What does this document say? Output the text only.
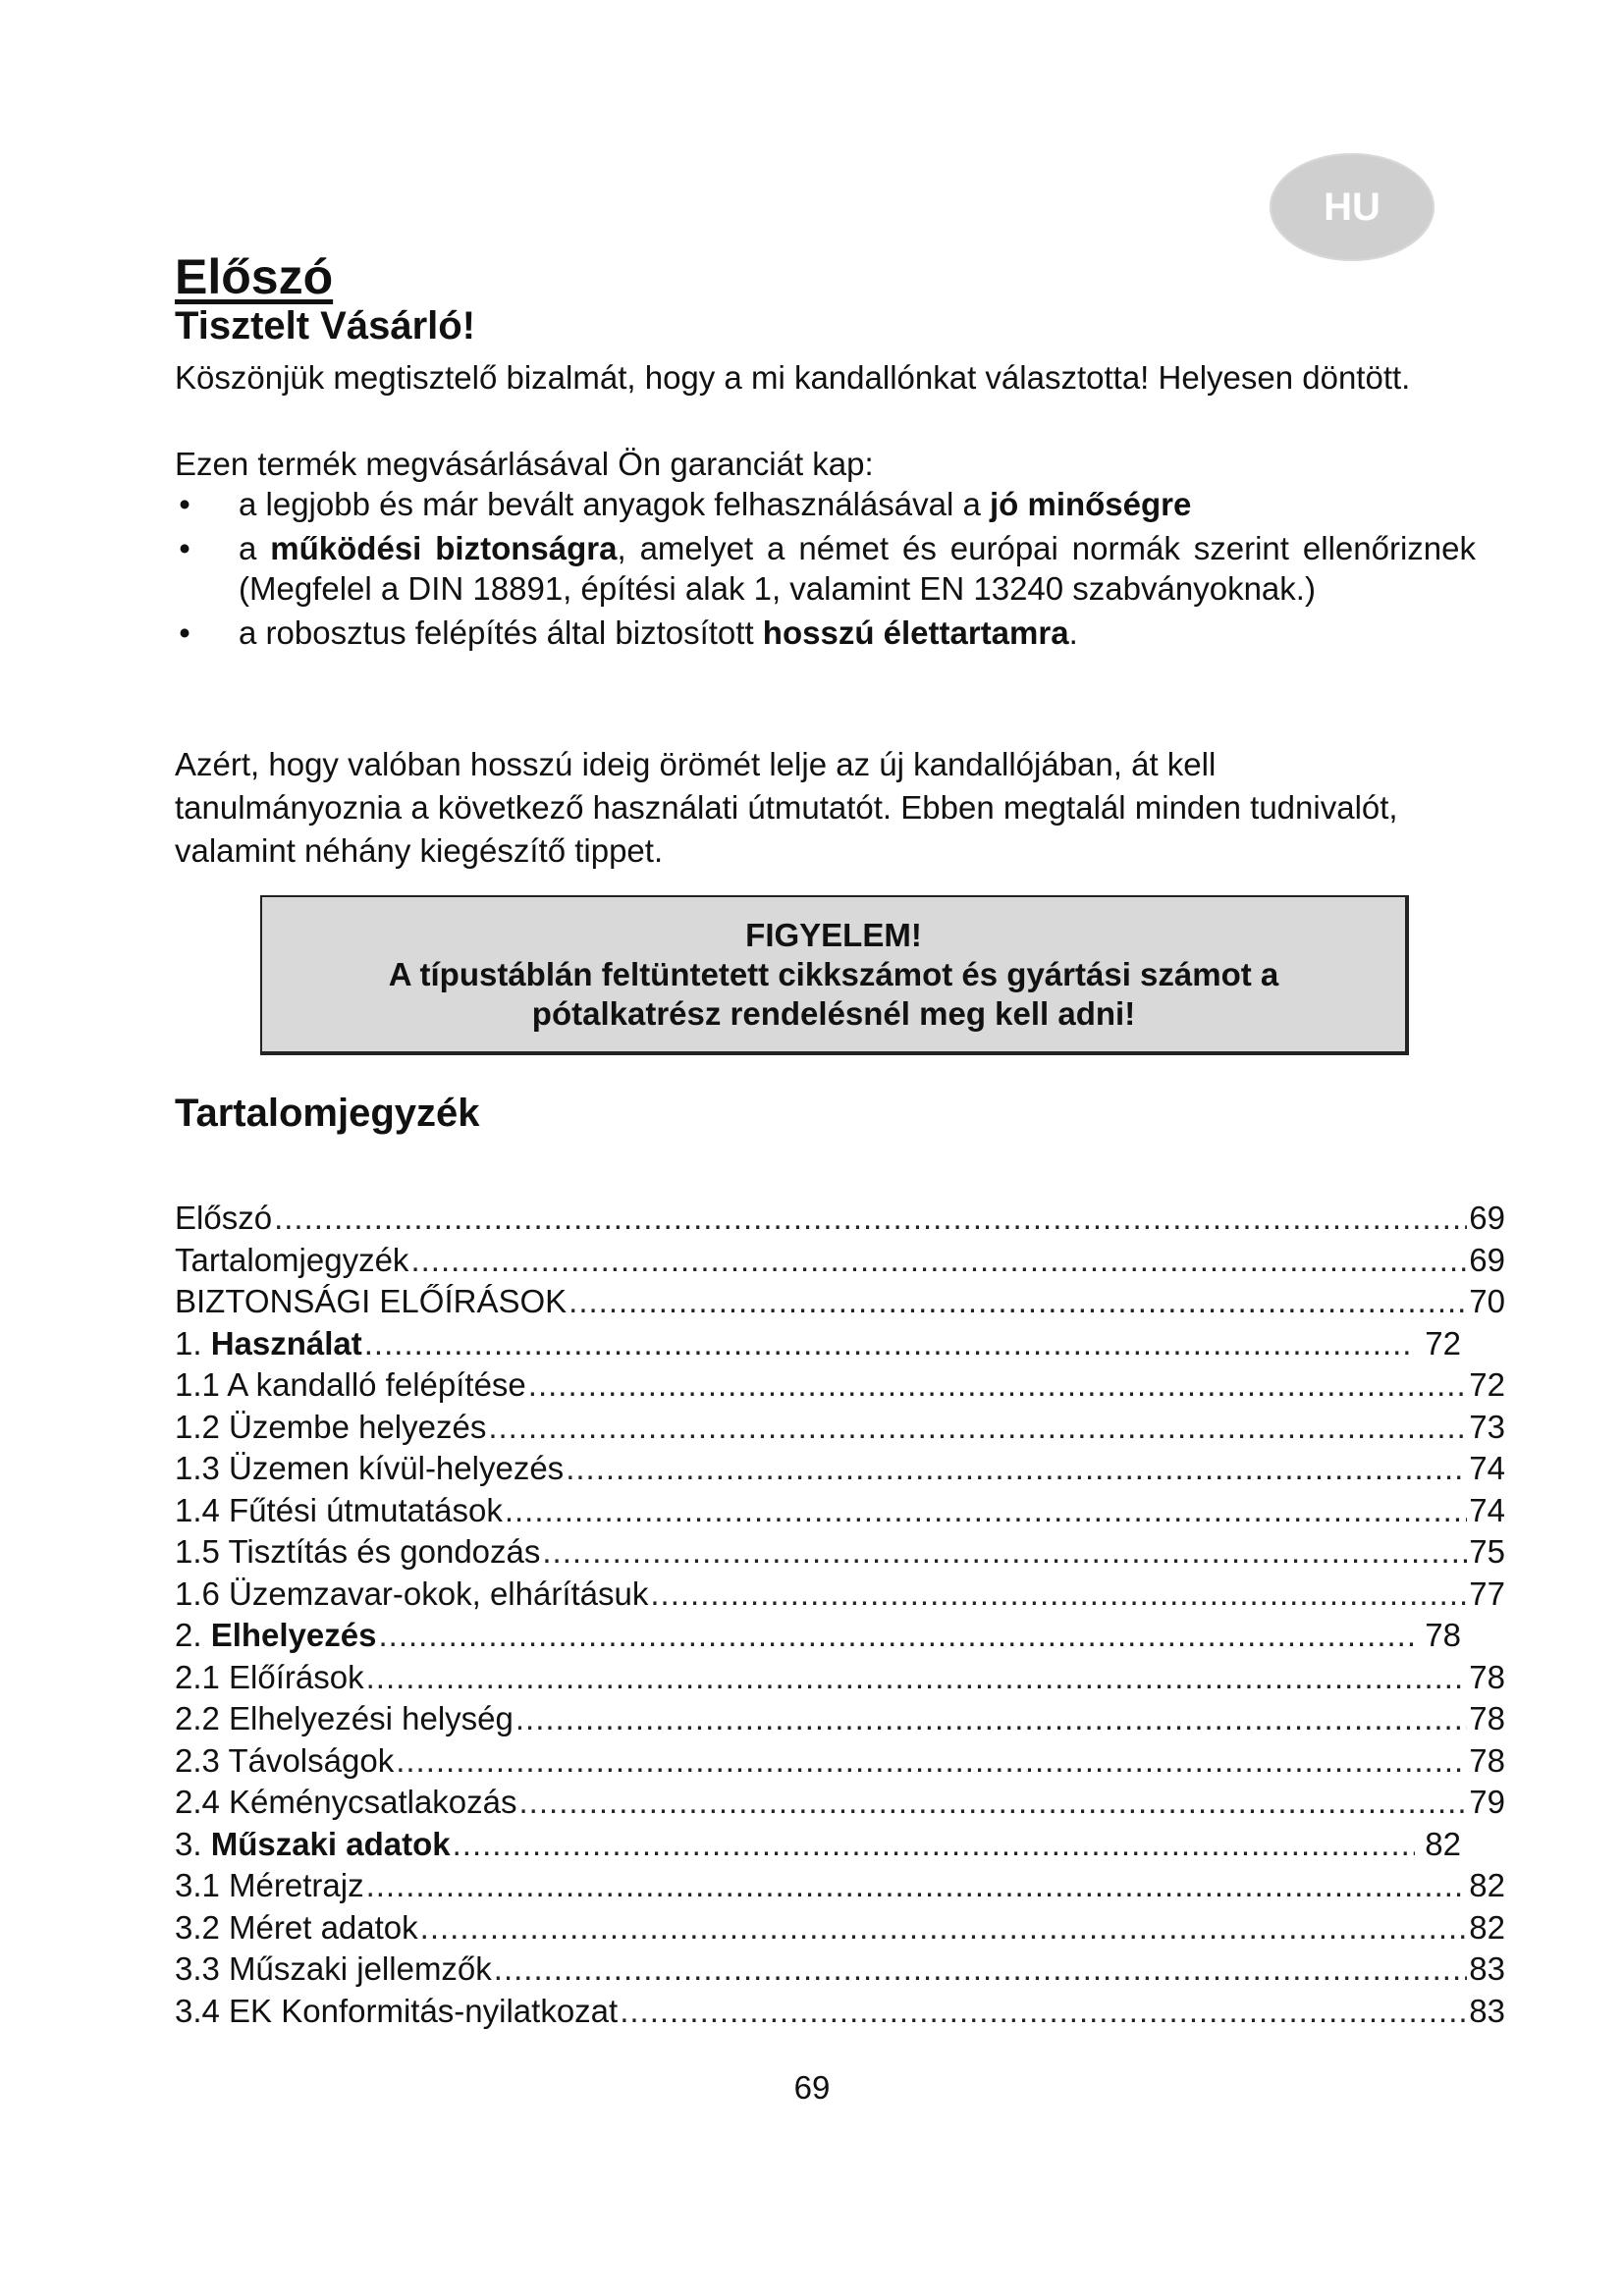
HU
Előszó
Tisztelt Vásárló!

Köszönjük megtisztelő bizalmát, hogy a mi kandallónkat választotta! Helyesen döntött.

Ezen termék megvásárlásával Ön garanciát kap:

• a legjobb és már bevált anyagok felhasználásával a jó minőségre
• a működési biztonságra, amelyet a német és európai normák szerint ellenőriznek (Megfelel a DIN 18891, építési alak 1, valamint EN 13240 szabványoknak.)
• a robosztus felépítés által biztosított hosszú élettartamra.

Azért, hogy valóban hosszú ideig örömét lelje az új kandallójában, át kell tanulmányoznia a következő használati útmutatót. Ebben megtalál minden tudnivalót, valamint néhány kiegészítő tippet.

FIGYELEM!
A típustáblán feltüntetett cikkszámot és gyártási számot a
pótalkatrész rendelésnél meg kell adni!
Tartalomjegyzék
Előszó .....	69
Tartalomjegyzék .....	69
BIZTONSÁGI ELŐÍRÁSOK .....	70
1. Használat .....	72
1.1 A kandalló felépítése .....	72
1.2 Üzembe helyezés .....	73
1.3 Üzemen kívül-helyezés .....	74
1.4 Fűtési útmutatások .....	74
1.5 Tisztítás és gondozás .....	75
1.6 Üzemzavar-okok, elhárításuk .....	77
2. Elhelyezés .....	78
2.1 Előírások .....	78
2.2 Elhelyezési helység .....	78
2.3 Távolságok .....	78
2.4 Kéménycsatlakozás .....	79
3. Műszaki adatok .....	82
3.1 Méretrajz .....	82
3.2 Méret adatok .....	82
3.3 Műszaki jellemzők .....	83
3.4 EK Konformitás-nyilatkozat .....	83
69
